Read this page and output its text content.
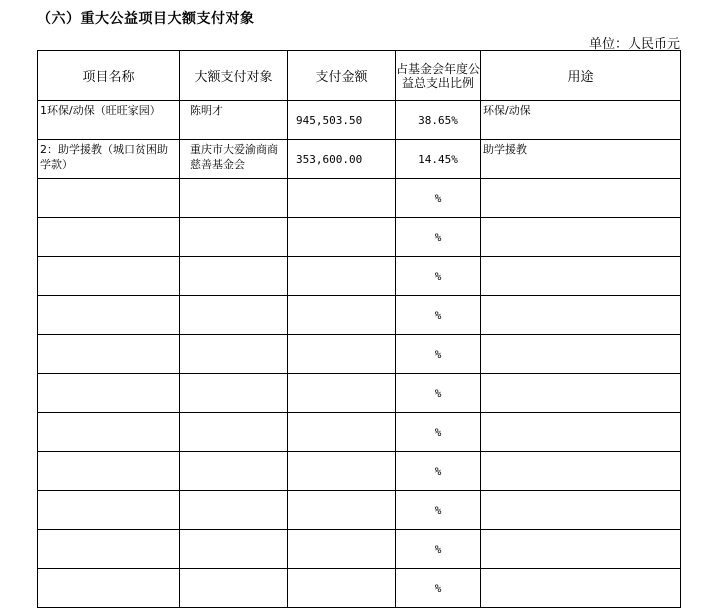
（六）重大公益项目大额支付对象
单位：人民币元
项目名称	大额支付对象	支付金额	占基金会年度公益总支出比例	用途
1环保/动保（旺旺家园）	陈明才	945,503.50	38.65%	环保/动保
2：助学援教（城口贫困助学款）	重庆市大爱渝商商慈善基金会	353,600.00	14.45%	助学援教
			%	
			%	
			%	
			%	
			%	
			%	
			%	
			%	
			%	
			%	
			%	
